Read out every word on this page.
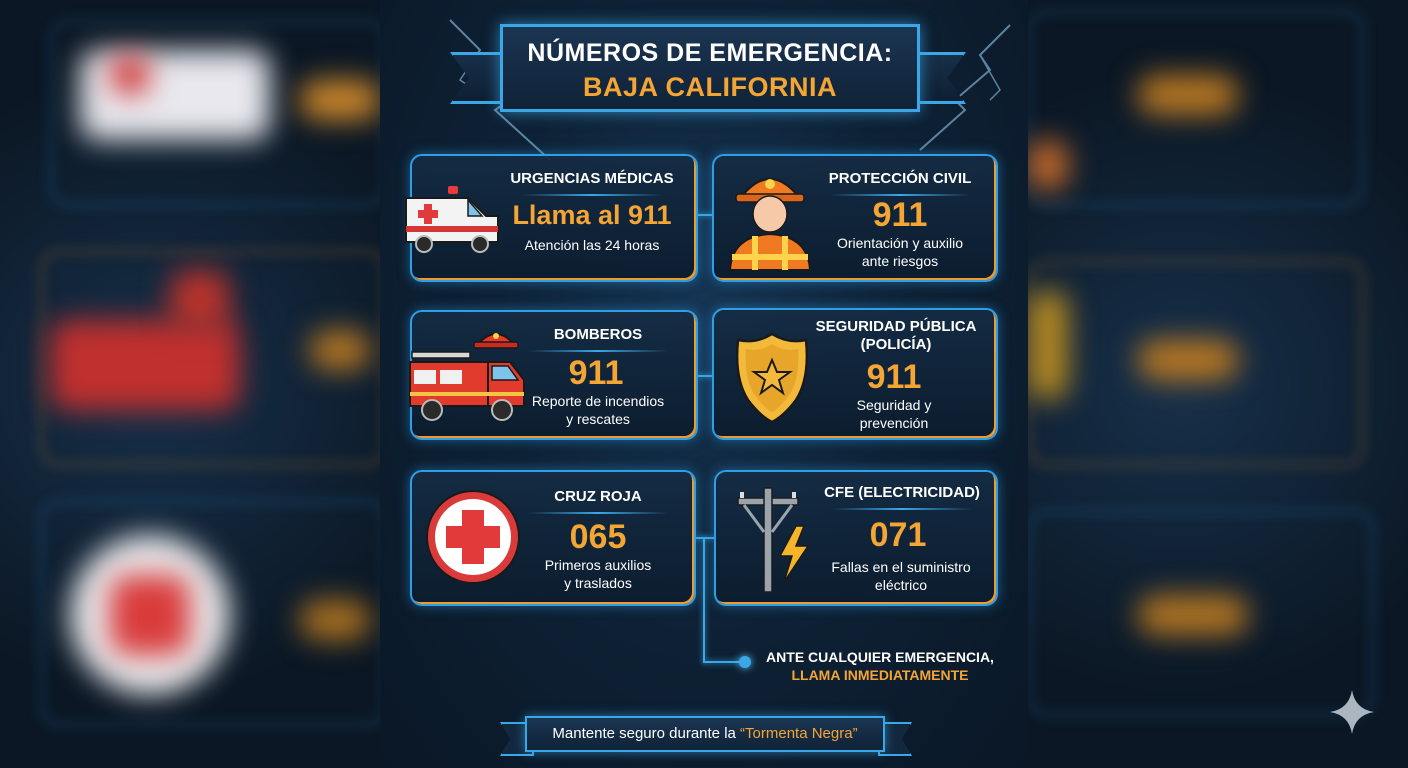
NÚMEROS DE EMERGENCIA:
BAJA CALIFORNIA
URGENCIAS MÉDICAS
Llama al 911
Atención las 24 horas
PROTECCIÓN CIVIL
911
Orientación y auxilio
ante riesgos
BOMBEROS
911
Reporte de incendios
y rescates
SEGURIDAD PÚBLICA
(POLICÍA)
911
Seguridad y
prevención
CRUZ ROJA
065
Primeros auxilios
y traslados
CFE (ELECTRICIDAD)
071
Fallas en el suministro
eléctrico
ANTE CUALQUIER EMERGENCIA,
LLAMA INMEDIATAMENTE
Mantente seguro durante la “Tormenta Negra”
